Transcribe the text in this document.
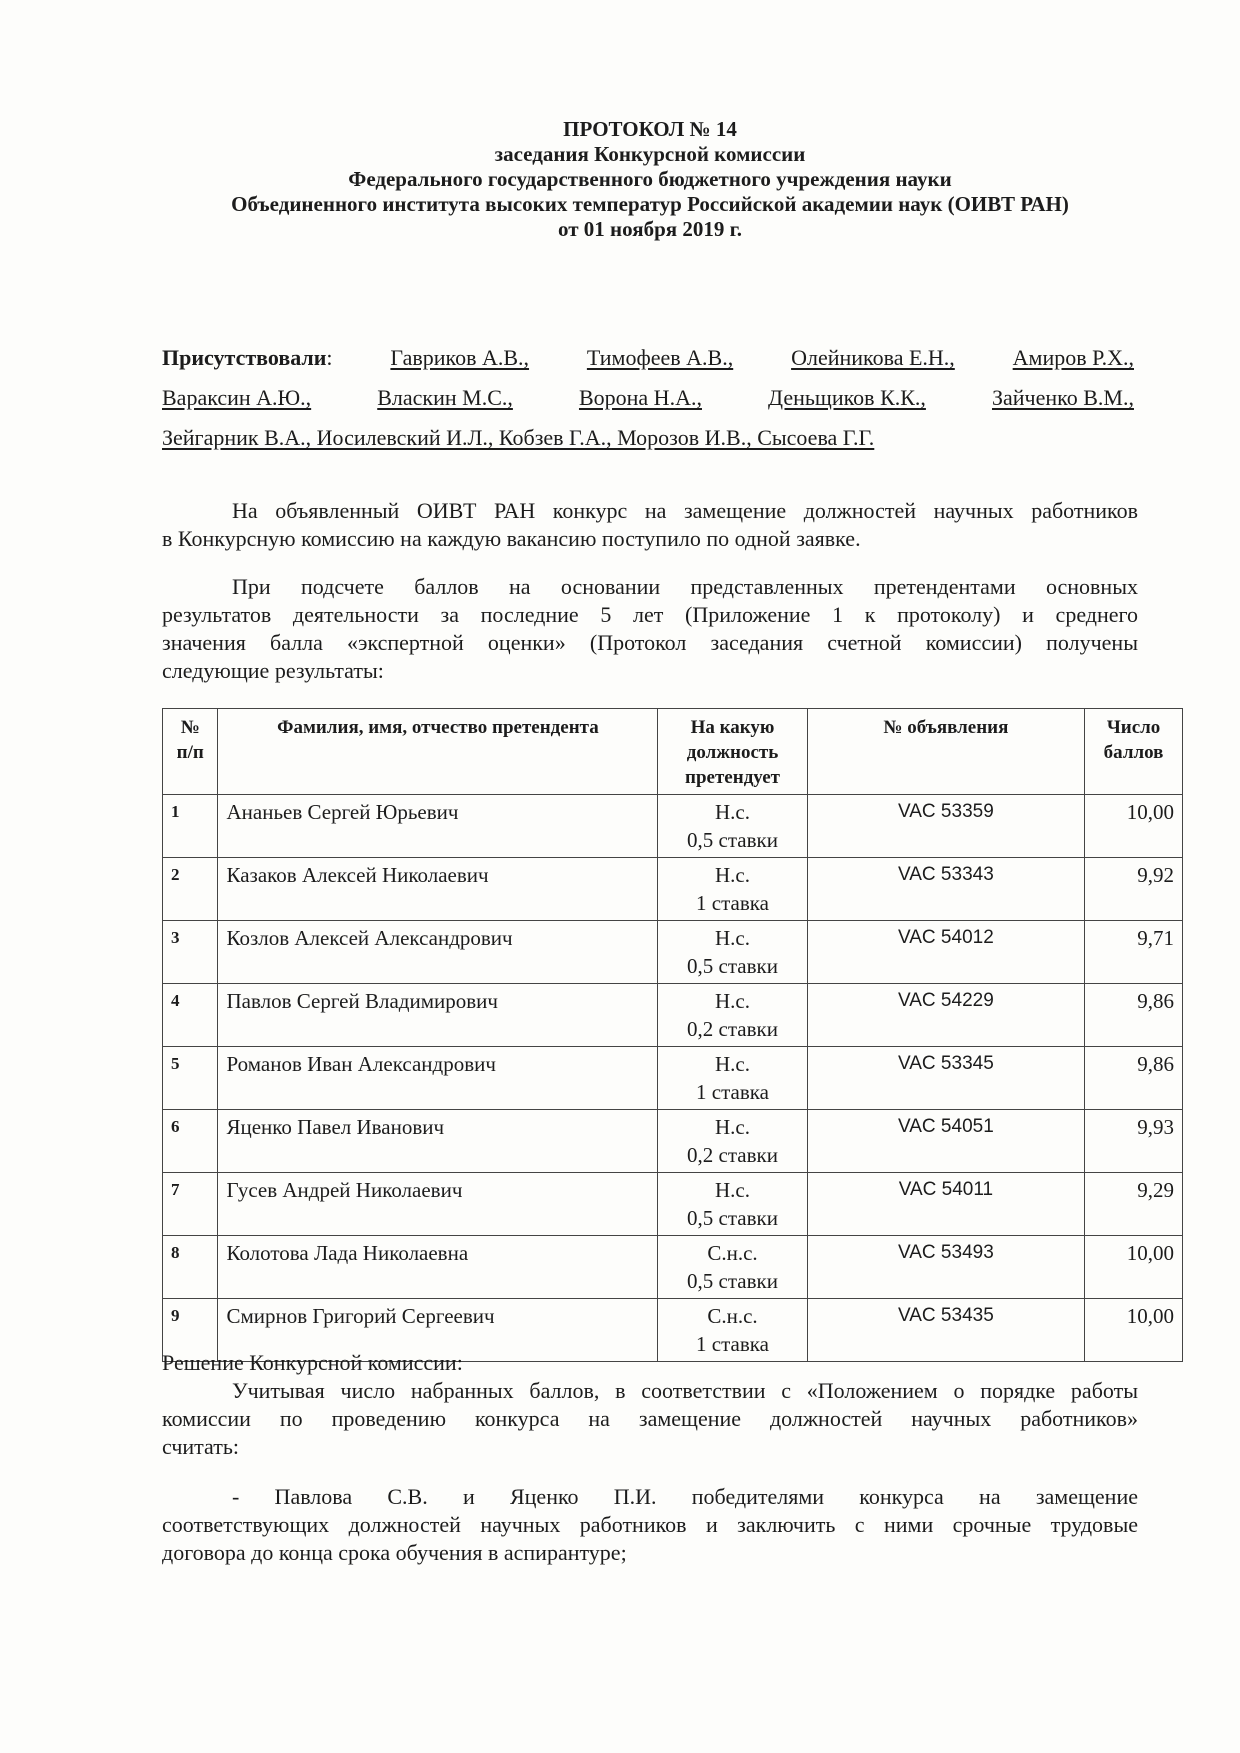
ПРОТОКОЛ № 14
заседания Конкурсной комиссии
Федерального государственного бюджетного учреждения науки
Объединенного института высоких температур Российской академии наук (ОИВТ РАН)
от 01 ноября 2019 г.
Присутствовали:	Гавриков А.В.,	Тимофеев А.В.,	Олейникова Е.Н.,	Амиров Р.Х.,
Вараксин А.Ю.,	Власкин М.С.,	Ворона Н.А.,	Деньщиков К.К.,	Зайченко В.М.,
Зейгарник В.А., Иосилевский И.Л., Кобзев Г.А., Морозов И.В., Сысоева Г.Г.
На объявленный ОИВТ РАН конкурс на замещение должностей научных работников
в Конкурсную комиссию на каждую вакансию поступило по одной заявке.
При подсчете баллов на основании представленных претендентами основных
результатов деятельности за последние 5 лет (Приложение 1 к протоколу) и среднего
значения балла «экспертной оценки» (Протокол заседания счетной комиссии) получены
следующие результаты:
№ п/п	Фамилия, имя, отчество претендента	На какую должность претендует	№ объявления	Число баллов
1	Ананьев Сергей Юрьевич	Н.с.
0,5 ставки	VAC 53359	10,00
2	Казаков Алексей Николаевич	Н.с.
1 ставка	VAC 53343	9,92
3	Козлов Алексей Александрович	Н.с.
0,5 ставки	VAC 54012	9,71
4	Павлов Сергей Владимирович	Н.с.
0,2 ставки	VAC 54229	9,86
5	Романов Иван Александрович	Н.с.
1 ставка	VAC 53345	9,86
6	Яценко Павел Иванович	Н.с.
0,2 ставки	VAC 54051	9,93
7	Гусев Андрей Николаевич	Н.с.
0,5 ставки	VAC 54011	9,29
8	Колотова Лада Николаевна	С.н.с.
0,5 ставки	VAC 53493	10,00
9	Смирнов Григорий Сергеевич	С.н.с.
1 ставка	VAC 53435	10,00
Решение Конкурсной комиссии:
Учитывая число набранных баллов, в соответствии с «Положением о порядке работы
комиссии по проведению конкурса на замещение должностей научных работников»
считать:
- Павлова С.В. и Яценко П.И. победителями конкурса на замещение
соответствующих должностей научных работников и заключить с ними срочные трудовые
договора до конца срока обучения в аспирантуре;
